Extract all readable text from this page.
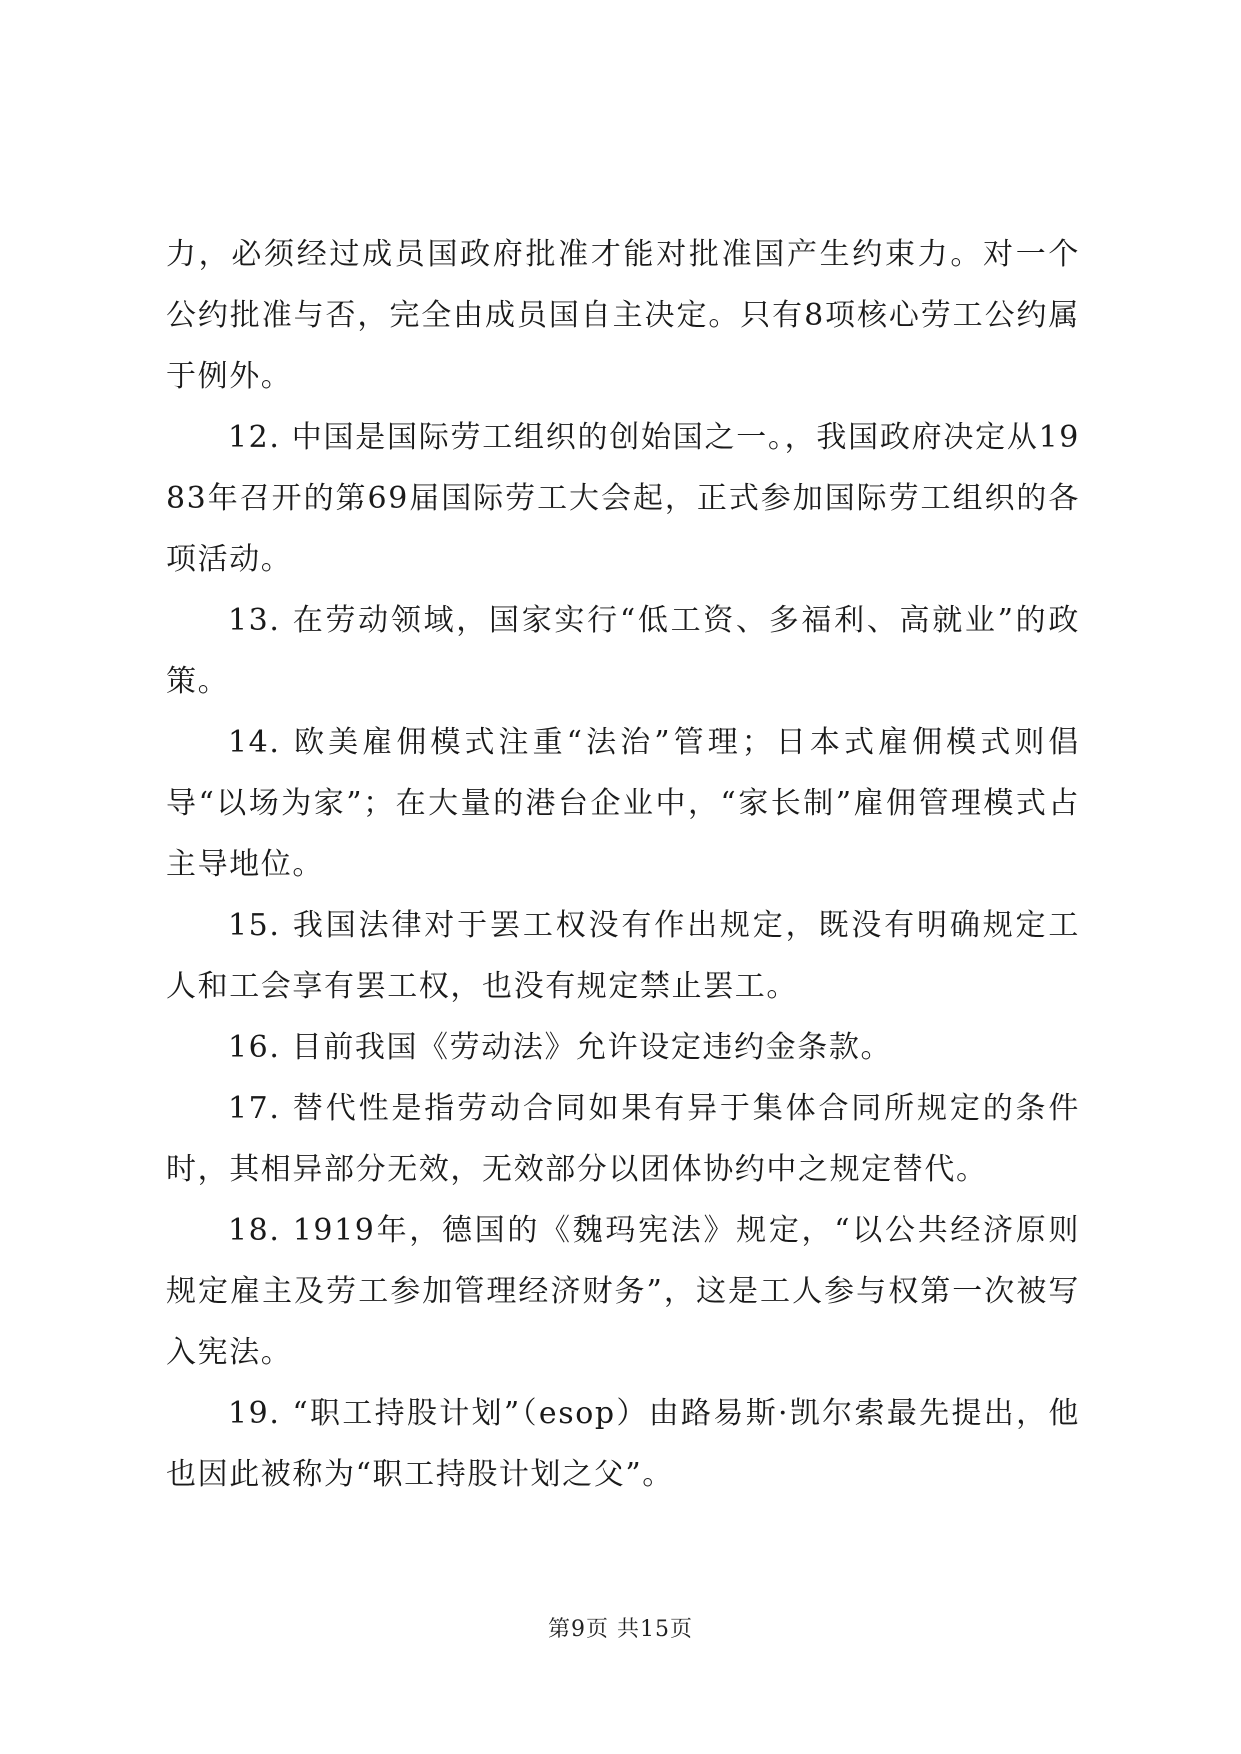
力，必须经过成员国政府批准才能对批准国产生约束力。对一个公约批准与否，完全由成员国自主决定。只有8项核心劳工公约属于例外。

12. 中国是国际劳工组织的创始国之一。，我国政府决定从1983年召开的第69届国际劳工大会起，正式参加国际劳工组织的各项活动。

13. 在劳动领域，国家实行“低工资、多福利、高就业”的政策。

14. 欧美雇佣模式注重“法治”管理；日本式雇佣模式则倡导“以场为家”；在大量的港台企业中，“家长制”雇佣管理模式占主导地位。

15. 我国法律对于罢工权没有作出规定，既没有明确规定工人和工会享有罢工权，也没有规定禁止罢工。

16. 目前我国《劳动法》允许设定违约金条款。

17. 替代性是指劳动合同如果有异于集体合同所规定的条件时，其相异部分无效，无效部分以团体协约中之规定替代。

18. 1919年，德国的《魏玛宪法》规定，“以公共经济原则规定雇主及劳工参加管理经济财务”，这是工人参与权第一次被写入宪法。

19. “职工持股计划”（esop）由路易斯·凯尔索最先提出，他也因此被称为“职工持股计划之父”。

第9页 共15页
